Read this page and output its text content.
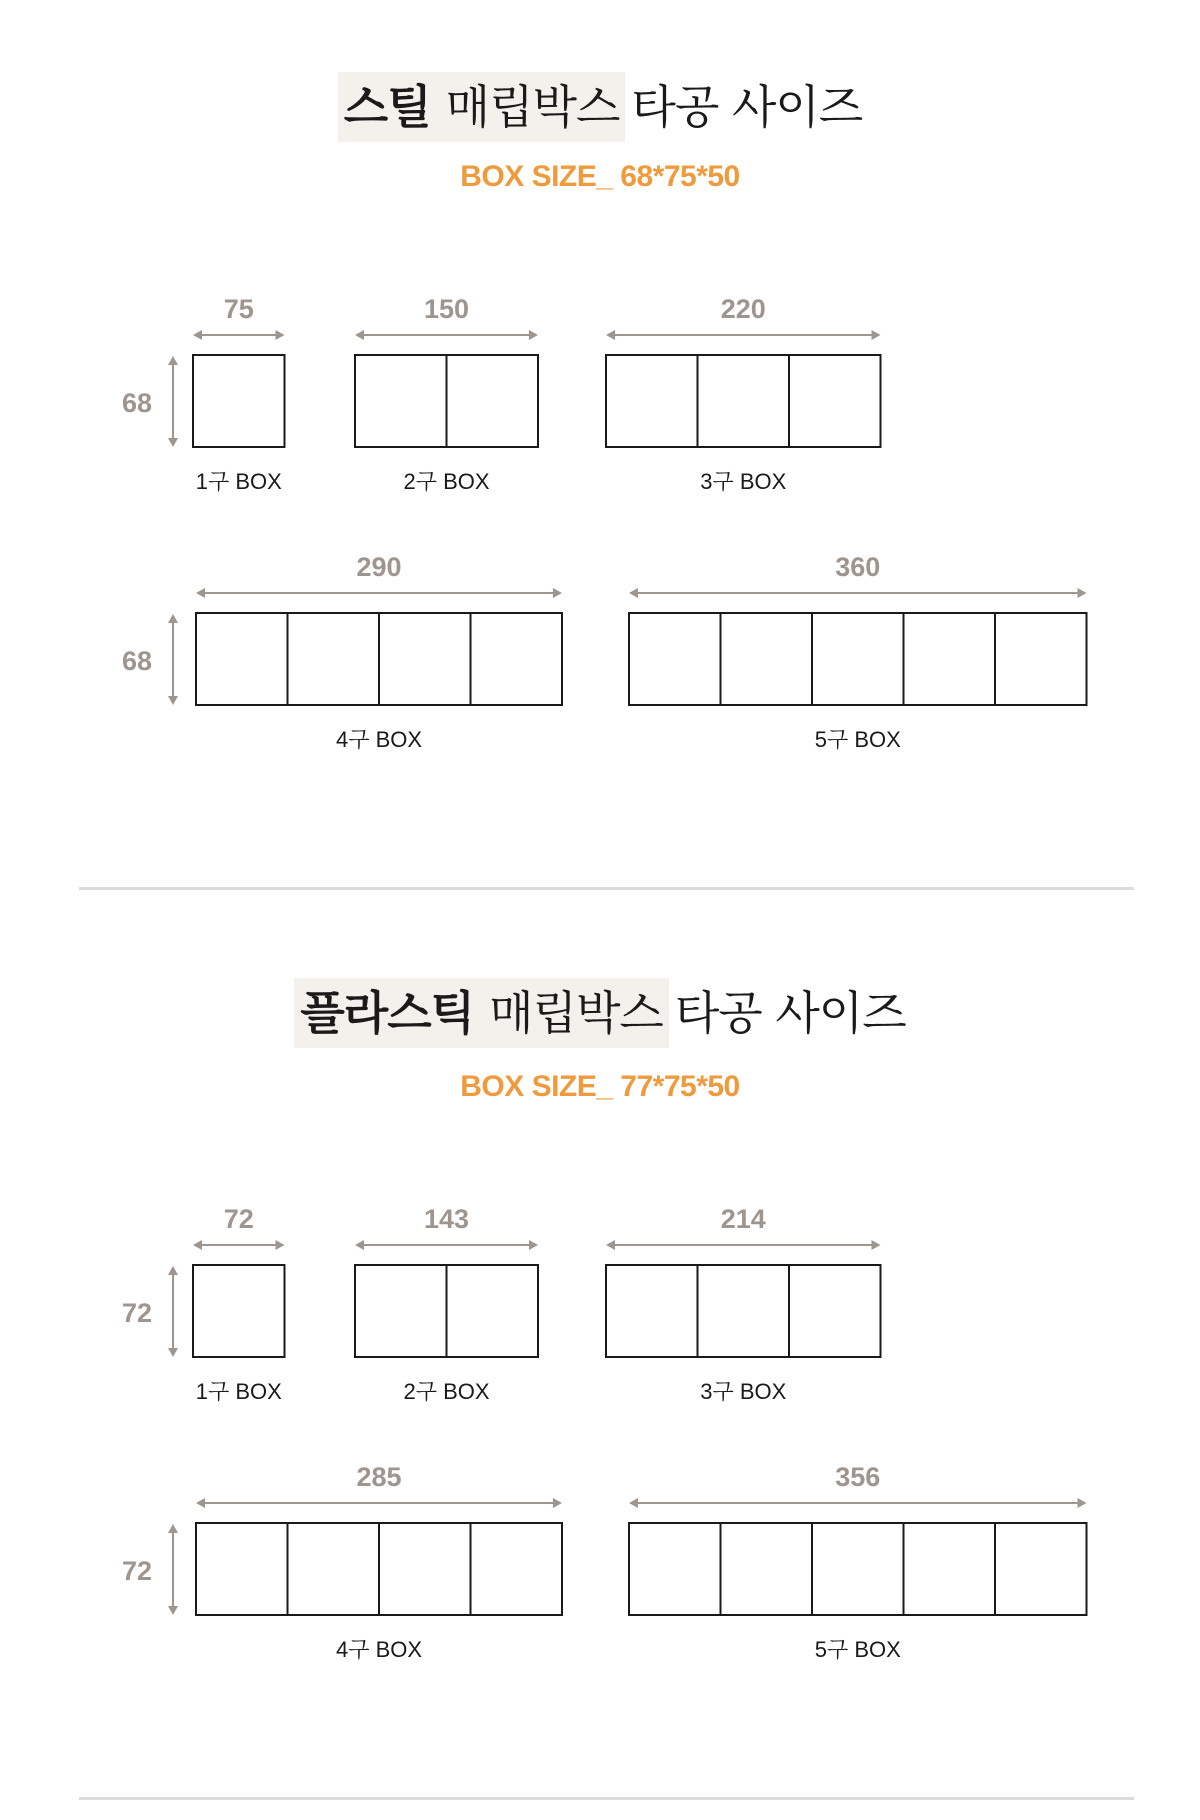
스틸 매립박스 타공 사이즈
BOX SIZE_ 68*75*50
68
68
75
1구 BOX
150
2구 BOX
220
3구 BOX
290
4구 BOX
360
5구 BOX
플라스틱 매립박스 타공 사이즈
BOX SIZE_ 77*75*50
72
72
72
1구 BOX
143
2구 BOX
214
3구 BOX
285
4구 BOX
356
5구 BOX
